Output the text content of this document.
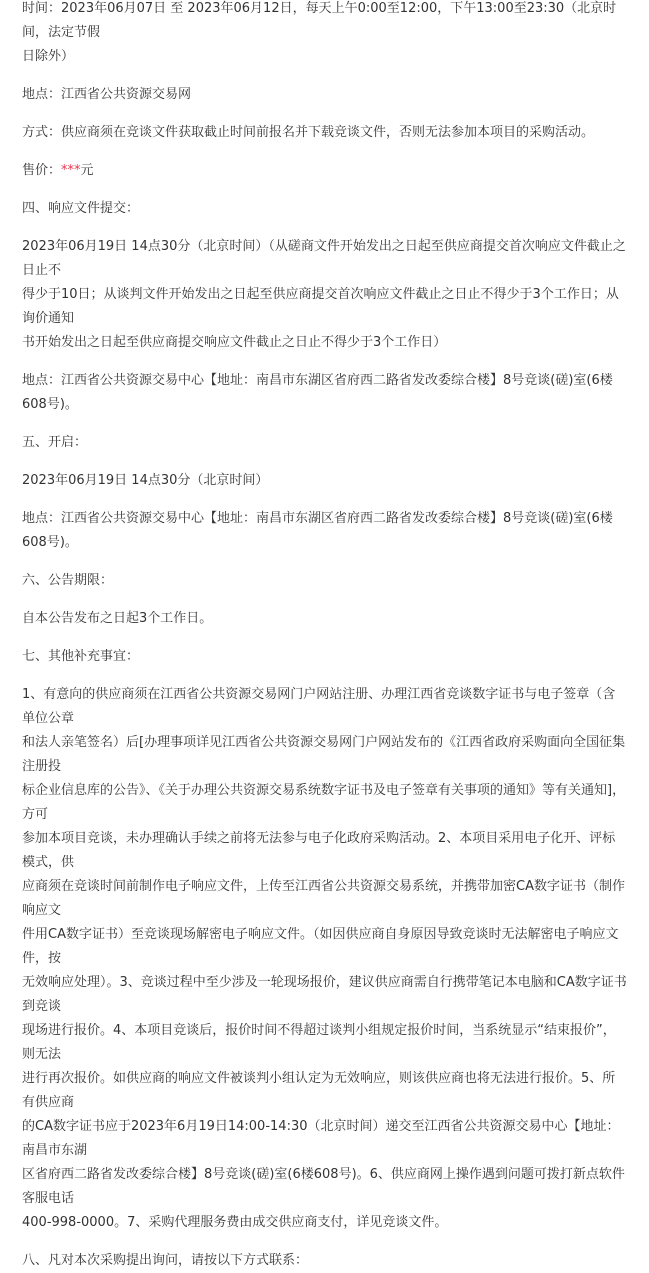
时间：2023年06月07日 至 2023年06月12日，每天上午0:00至12:00，下午13:00至23:30（北京时间，法定节假

日除外）

地点：江西省公共资源交易网

方式：供应商须在竞谈文件获取截止时间前报名并下载竞谈文件，否则无法参加本项目的采购活动。

售价：***元

四、响应文件提交：

2023年06月19日 14点30分（北京时间）（从磋商文件开始发出之日起至供应商提交首次响应文件截止之日止不

得少于10日；从谈判文件开始发出之日起至供应商提交首次响应文件截止之日止不得少于3个工作日；从询价通知

书开始发出之日起至供应商提交响应文件截止之日止不得少于3个工作日）

地点：江西省公共资源交易中心【地址：南昌市东湖区省府西二路省发改委综合楼】8号竞谈(磋)室(6楼608号)。

五、开启：

2023年06月19日 14点30分（北京时间）

地点：江西省公共资源交易中心【地址：南昌市东湖区省府西二路省发改委综合楼】8号竞谈(磋)室(6楼608号)。

六、公告期限：

自本公告发布之日起3个工作日。

七、其他补充事宜：

1、有意向的供应商须在江西省公共资源交易网门户网站注册、办理江西省竞谈数字证书与电子签章（含单位公章

和法人亲笔签名）后[办理事项详见江西省公共资源交易网门户网站发布的《江西省政府采购面向全国征集注册投

标企业信息库的公告》、《关于办理公共资源交易系统数字证书及电子签章有关事项的通知》等有关通知]，方可

参加本项目竞谈，未办理确认手续之前将无法参与电子化政府采购活动。2、本项目采用电子化开、评标模式，供

应商须在竞谈时间前制作电子响应文件，上传至江西省公共资源交易系统，并携带加密CA数字证书（制作响应文

件用CA数字证书）至竞谈现场解密电子响应文件。（如因供应商自身原因导致竞谈时无法解密电子响应文件，按

无效响应处理）。3、竞谈过程中至少涉及一轮现场报价，建议供应商需自行携带笔记本电脑和CA数字证书到竞谈

现场进行报价。4、本项目竞谈后，报价时间不得超过谈判小组规定报价时间，当系统显示“结束报价”，则无法

进行再次报价。如供应商的响应文件被谈判小组认定为无效响应，则该供应商也将无法进行报价。5、所有供应商

的CA数字证书应于2023年6月19日14:00-14:30（北京时间）递交至江西省公共资源交易中心【地址：南昌市东湖

区省府西二路省发改委综合楼】8号竞谈(磋)室(6楼608号)。6、供应商网上操作遇到问题可拨打新点软件客服电话

400-998-0000。7、采购代理服务费由成交供应商支付，详见竞谈文件。

八、凡对本次采购提出询问，请按以下方式联系：
